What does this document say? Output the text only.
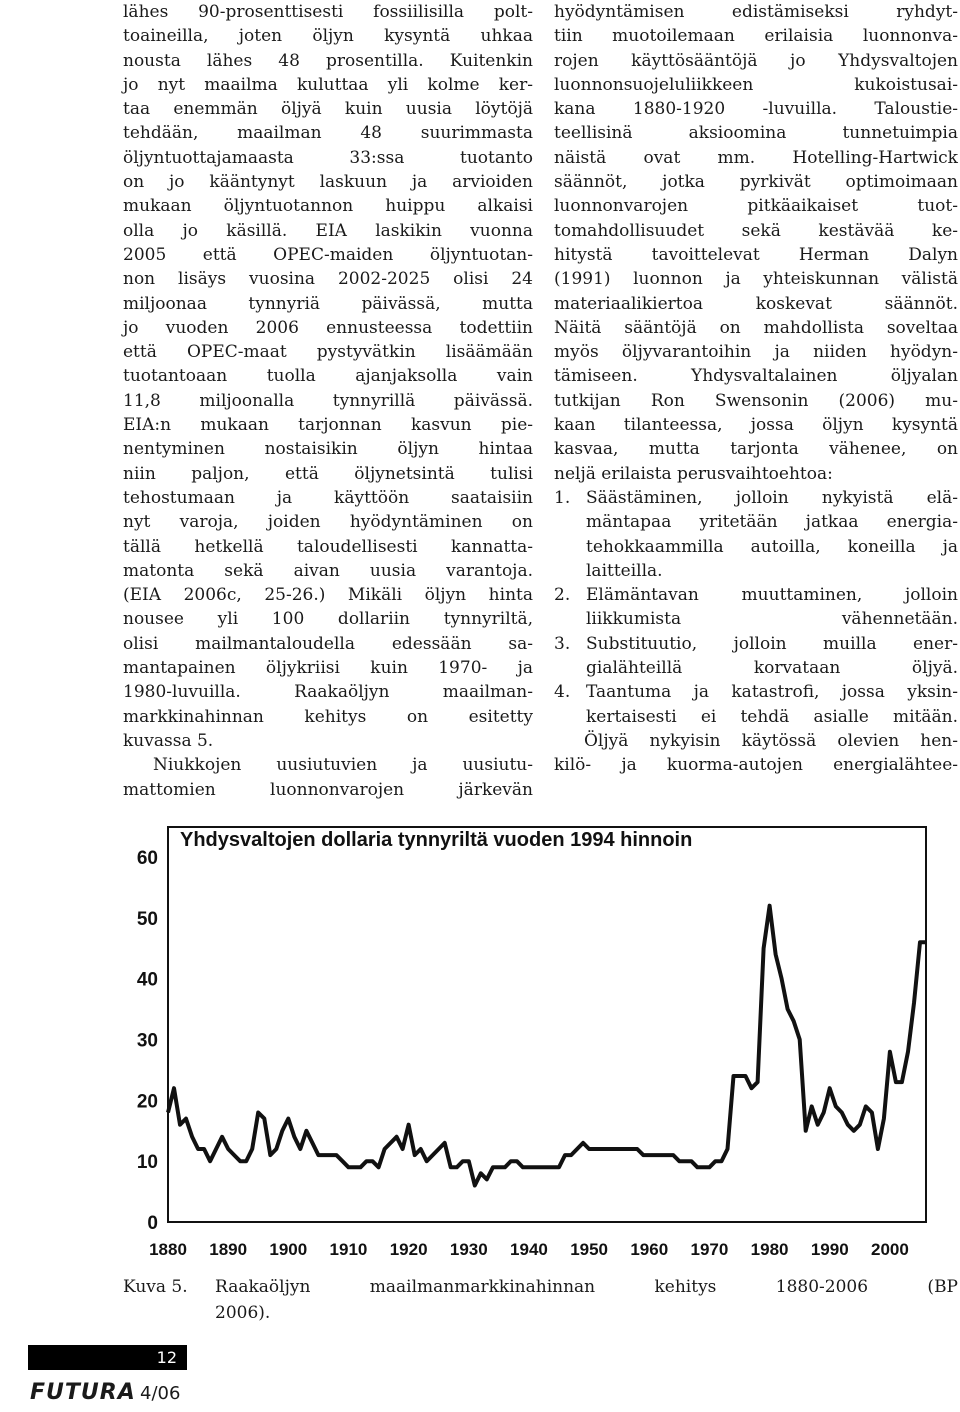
lähes 90-prosenttisesti fossiilisilla polt-
toaineilla, joten öljyn kysyntä uhkaa
nousta lähes 48 prosentilla. Kuitenkin
jo nyt maailma kuluttaa yli kolme ker-
taa enemmän öljyä kuin uusia löytöjä
tehdään, maailman 48 suurimmasta
öljyntuottajamaasta 33:ssa tuotanto
on jo kääntynyt laskuun ja arvioiden
mukaan öljyntuotannon huippu alkaisi
olla jo käsillä. EIA laskikin vuonna
2005 että OPEC-maiden öljyntuotan-
non lisäys vuosina 2002-2025 olisi 24
miljoonaa tynnyriä päivässä, mutta
jo vuoden 2006 ennusteessa todettiin
että OPEC-maat pystyvätkin lisäämään
tuotantoaan tuolla ajanjaksolla vain
11,8 miljoonalla tynnyrillä päivässä.
EIA:n mukaan tarjonnan kasvun pie-
nentyminen nostaisikin öljyn hintaa
niin paljon, että öljynetsintä tulisi
tehostumaan ja käyttöön saataisiin
nyt varoja, joiden hyödyntäminen on
tällä hetkellä taloudellisesti kannatta-
matonta sekä aivan uusia varantoja.
(EIA 2006c, 25-26.) Mikäli öljyn hinta
nousee yli 100 dollariin tynnyriltä,
olisi mailmantaloudella edessään sa-
mantapainen öljykriisi kuin 1970- ja
1980-luvuilla. Raakaöljyn maailman-
markkinahinnan kehitys on esitetty
kuvassa 5.
Niukkojen uusiutuvien ja uusiutu-
mattomien luonnonvarojen järkevän
hyödyntämisen edistämiseksi ryhdyt-
tiin muotoilemaan erilaisia luonnonva-
rojen käyttösääntöjä jo Yhdysvaltojen
luonnonsuojeluliikkeen kukoistusai-
kana 1880-1920 -luvuilla. Taloustie-
teellisinä aksioomina tunnetuimpia
näistä ovat mm. Hotelling-Hartwick
säännöt, jotka pyrkivät optimoimaan
luonnonvarojen pitkäaikaiset tuot-
tomahdollisuudet sekä kestävää ke-
hitystä tavoittelevat Herman Dalyn
(1991) luonnon ja yhteiskunnan välistä
materiaalikiertoa koskevat säännöt.
Näitä sääntöjä on mahdollista soveltaa
myös öljyvarantoihin ja niiden hyödyn-
tämiseen. Yhdysvaltalainen öljyalan
tutkijan Ron Swensonin (2006) mu-
kaan tilanteessa, jossa öljyn kysyntä
kasvaa, mutta tarjonta vähenee, on
neljä erilaista perusvaihtoehtoa:
1. Säästäminen, jolloin nykyistä elä-
mäntapaa yritetään jatkaa energia-
tehokkaammilla autoilla, koneilla ja
laitteilla.
2. Elämäntavan muuttaminen, jolloin
liikkumista vähennetään.
3. Substituutio, jolloin muilla ener-
gialähteillä korvataan öljyä.
4. Taantuma ja katastrofi, jossa yksin-
kertaisesti ei tehdä asialle mitään.
Öljyä nykyisin käytössä olevien hen-
kilö- ja kuorma-autojen energialähtee-
Yhdysvaltojen dollaria tynnyriltä vuoden 1994 hinnoin
0
10
20
30
40
50
60
1880 1890 1900 1910 1920 1930 1940 1950 1960 1970 1980 1990 2000
Kuva 5. Raakaöljyn maailmanmarkkinahinnan kehitys 1880-2006 (BP
2006).
12
FUTURA 4/06
